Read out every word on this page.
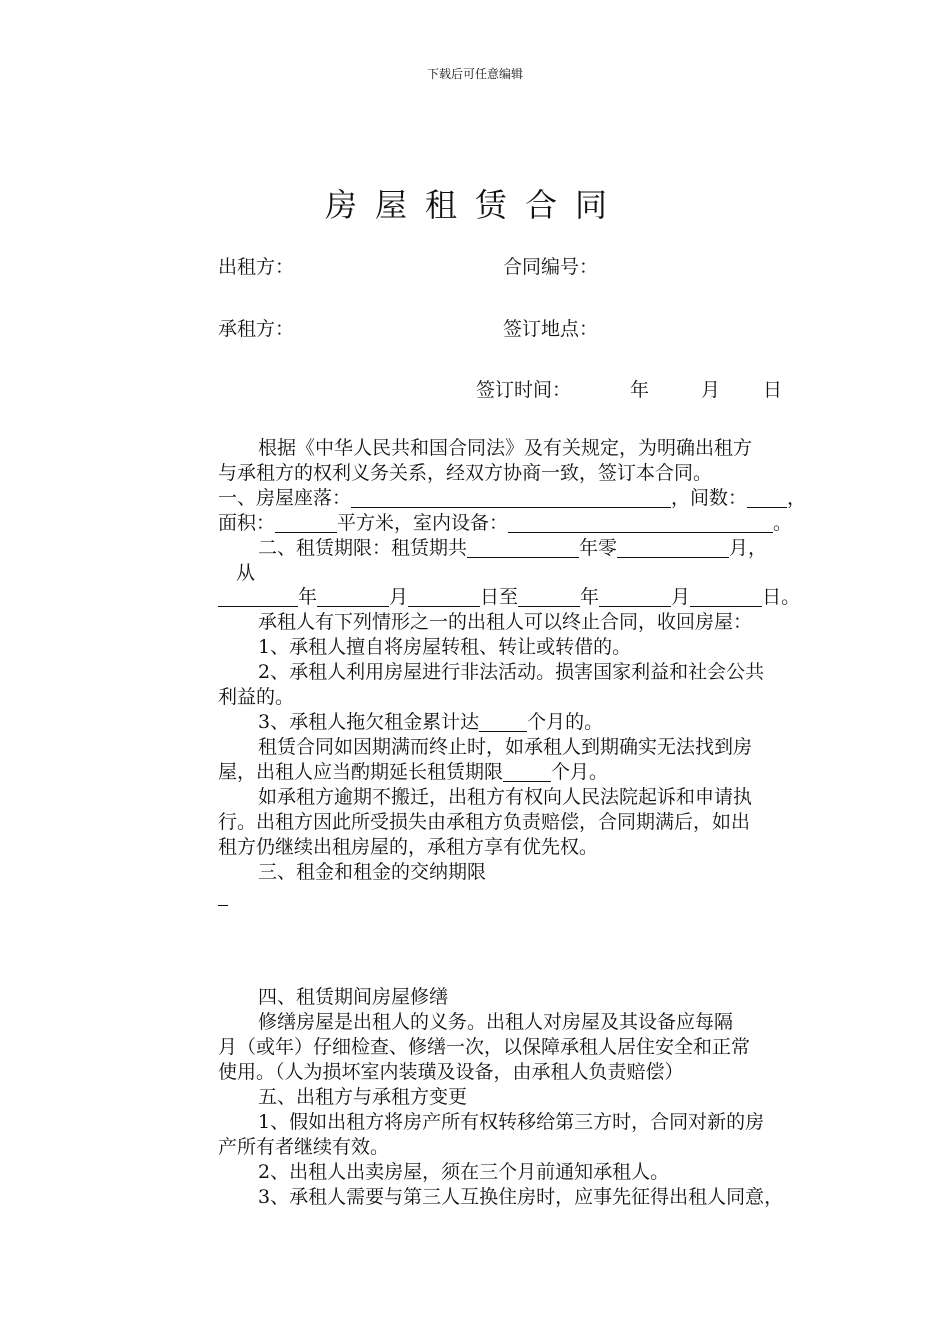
下载后可任意编辑
房屋租赁合同
出租方：	合同编号：
承租方：	签订地点：
签订时间：	年	月 日
根据《中华人民共和国合同法》及有关规定，为明确出租方
与承租方的权利义务关系，经双方协商一致，签订本合同。
一、房屋座落：	，间数： ，
面积：	平方米，室内设备：	。
二、租赁期限：租赁期共	年零	月，
从
年	月	日至	年	月	日。
承租人有下列情形之一的出租人可以终止合同，收回房屋：
1、承租人擅自将房屋转租、转让或转借的。
2、承租人利用房屋进行非法活动。损害国家利益和社会公共
利益的。
3、承租人拖欠租金累计达	个月的。
租赁合同如因期满而终止时，如承租人到期确实无法找到房
屋，出租人应当酌期延长租赁期限	个月。
如承租方逾期不搬迁，出租方有权向人民法院起诉和申请执
行。出租方因此所受损失由承租方负责赔偿，合同期满后，如出
租方仍继续出租房屋的，承租方享有优先权。
三、租金和租金的交纳期限
四、租赁期间房屋修缮
修缮房屋是出租人的义务。出租人对房屋及其设备应每隔
月（或年）仔细检查、修缮一次，以保障承租人居住安全和正常
使用。（人为损坏室内装璜及设备，由承租人负责赔偿）
五、出租方与承租方变更
1、假如出租方将房产所有权转移给第三方时，合同对新的房
产所有者继续有效。
2、出租人出卖房屋，须在三个月前通知承租人。
3、承租人需要与第三人互换住房时，应事先征得出租人同意，
